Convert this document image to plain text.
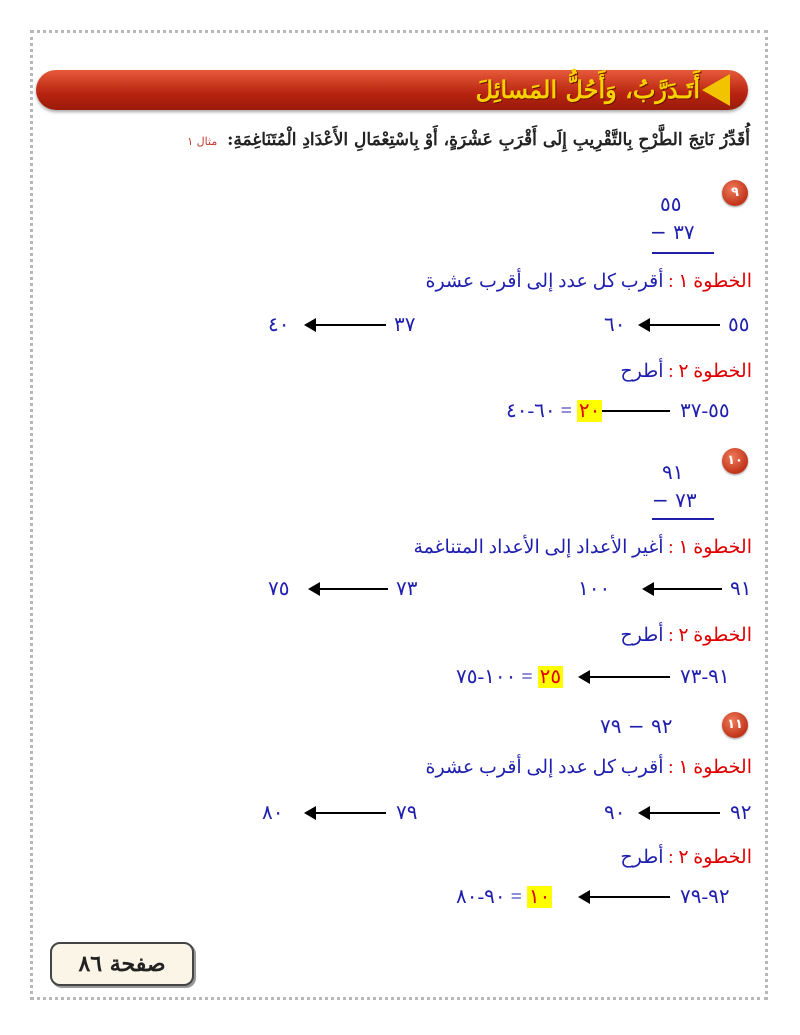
أَتَـدَرَّبُ، وَأَحُلُّ المَسائِلَ
أُقَدِّرُ نَاتِجَ الطَّرْحِ بِالتَّقْرِيبِ إِلَى أَقْرَبِ عَشْرَةٍ، أَوْ بِاسْتِعْمَالِ الأَعْدَادِ الْمُتَنَاغِمَةِ: مثال ١
٩
٥٥
٣٧ −
الخطوة ١ : أقرب كل عدد إلى أقرب عشرة
٥٥
٦٠
٣٧
٤٠
الخطوة ٢ : أطرح
٥٥-٣٧
٢٠ = ٦٠-٤٠
١٠
٩١
٧٣ −
الخطوة ١ : أغير الأعداد إلى الأعداد المتناغمة
٩١
١٠٠
٧٣
٧٥
الخطوة ٢ : أطرح
٩١-٧٣
٢٥ = ١٠٠-٧٥
١١
٩٢ − ٧٩
الخطوة ١ : أقرب كل عدد إلى أقرب عشرة
٩٢
٩٠
٧٩
٨٠
الخطوة ٢ : أطرح
٩٢-٧٩
١٠ = ٩٠-٨٠
صفحة ٨٦
